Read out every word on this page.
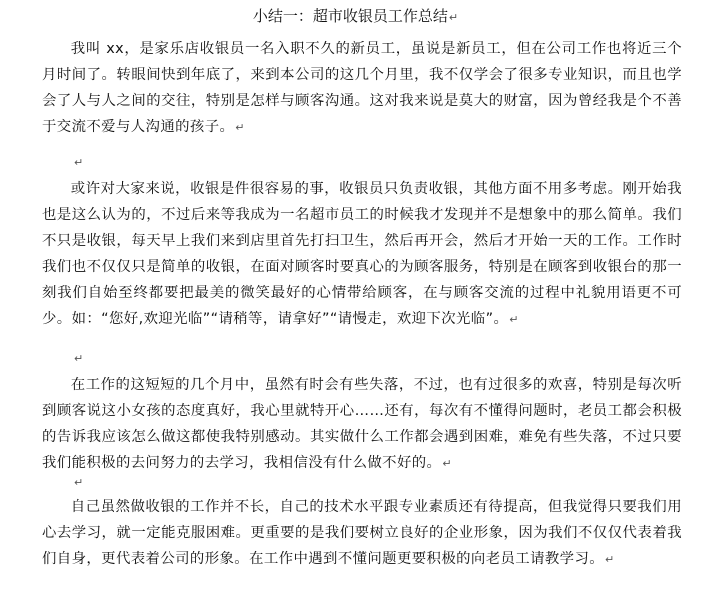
小结一：超市收银员工作总结↵

我叫 xx，是家乐店收银员一名入职不久的新员工，虽说是新员工，但在公司工作也将近三个月时间了。转眼间快到年底了，来到本公司的这几个月里，我不仅学会了很多专业知识，而且也学会了人与人之间的交往，特别是怎样与顾客沟通。这对我来说是莫大的财富，因为曾经我是个不善于交流不爱与人沟通的孩子。↵

↵

或许对大家来说，收银是件很容易的事，收银员只负责收银，其他方面不用多考虑。刚开始我也是这么认为的，不过后来等我成为一名超市员工的时候我才发现并不是想象中的那么简单。我们不只是收银，每天早上我们来到店里首先打扫卫生，然后再开会，然后才开始一天的工作。工作时我们也不仅仅只是简单的收银，在面对顾客时要真心的为顾客服务，特别是在顾客到收银台的那一刻我们自始至终都要把最美的微笑最好的心情带给顾客，在与顾客交流的过程中礼貌用语更不可少。如：“您好,欢迎光临”“请稍等，请拿好”“请慢走，欢迎下次光临”。↵

↵

在工作的这短短的几个月中，虽然有时会有些失落，不过，也有过很多的欢喜，特别是每次听到顾客说这小女孩的态度真好，我心里就特开心……还有，每次有不懂得问题时，老员工都会积极的告诉我应该怎么做这都使我特别感动。其实做什么工作都会遇到困难，难免有些失落，不过只要我们能积极的去问努力的去学习，我相信没有什么做不好的。↵

↵

自己虽然做收银的工作并不长，自己的技术水平跟专业素质还有待提高，但我觉得只要我们用心去学习，就一定能克服困难。更重要的是我们要树立良好的企业形象，因为我们不仅仅代表着我们自身，更代表着公司的形象。在工作中遇到不懂问题更要积极的向老员工请教学习。↵
